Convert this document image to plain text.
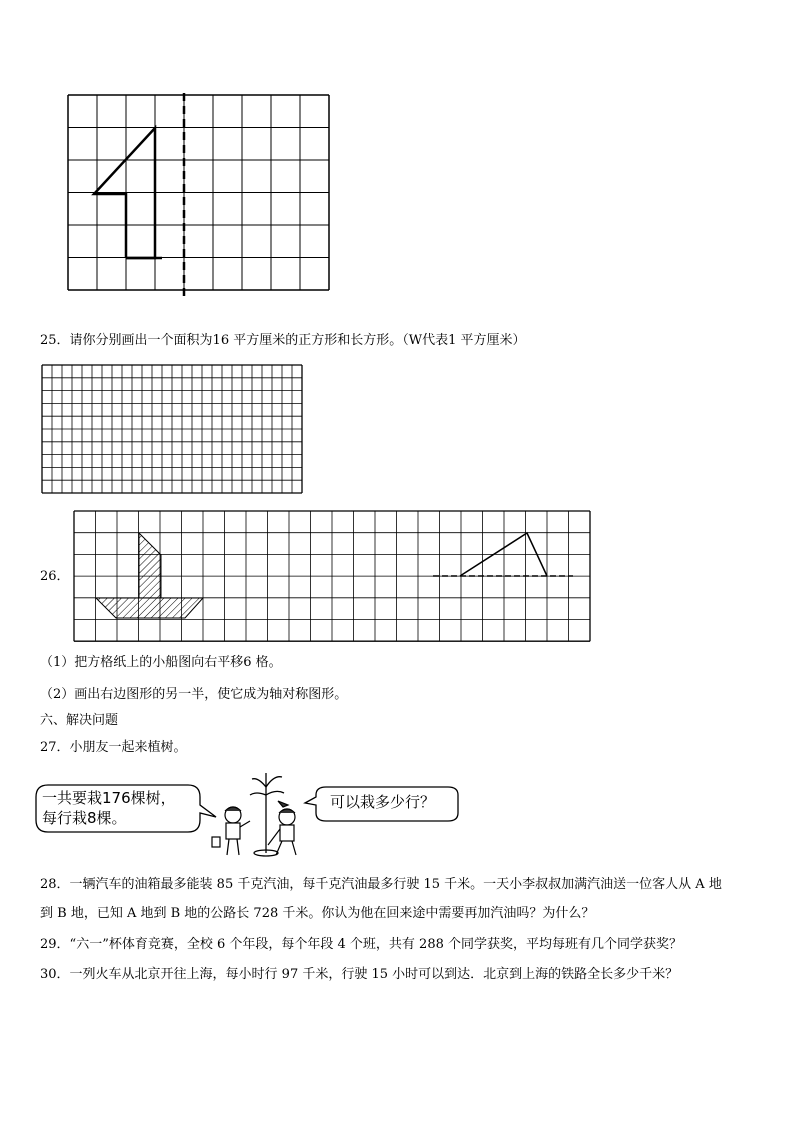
25．请你分别画出一个面积为16 平方厘米的正方形和长方形。（W代表1 平方厘米）
26．
（1）把方格纸上的小船图向右平移6 格。
（2）画出右边图形的另一半，使它成为轴对称图形。
六、解决问题
27．小朋友一起来植树。
一共要栽176棵树，
每行栽8棵。
可以栽多少行？
28．一辆汽车的油箱最多能装 85 千克汽油，每千克汽油最多行驶 15 千米。一天小李叔叔加满汽油送一位客人从 A 地
到 B 地，已知 A 地到 B 地的公路长 728 千米。你认为他在回来途中需要再加汽油吗？为什么？
29．“六一”杯体育竞赛，全校 6 个年段，每个年段 4 个班，共有 288 个同学获奖，平均每班有几个同学获奖？
30．一列火车从北京开往上海，每小时行 97 千米，行驶 15 小时可以到达．北京到上海的铁路全长多少千米？
